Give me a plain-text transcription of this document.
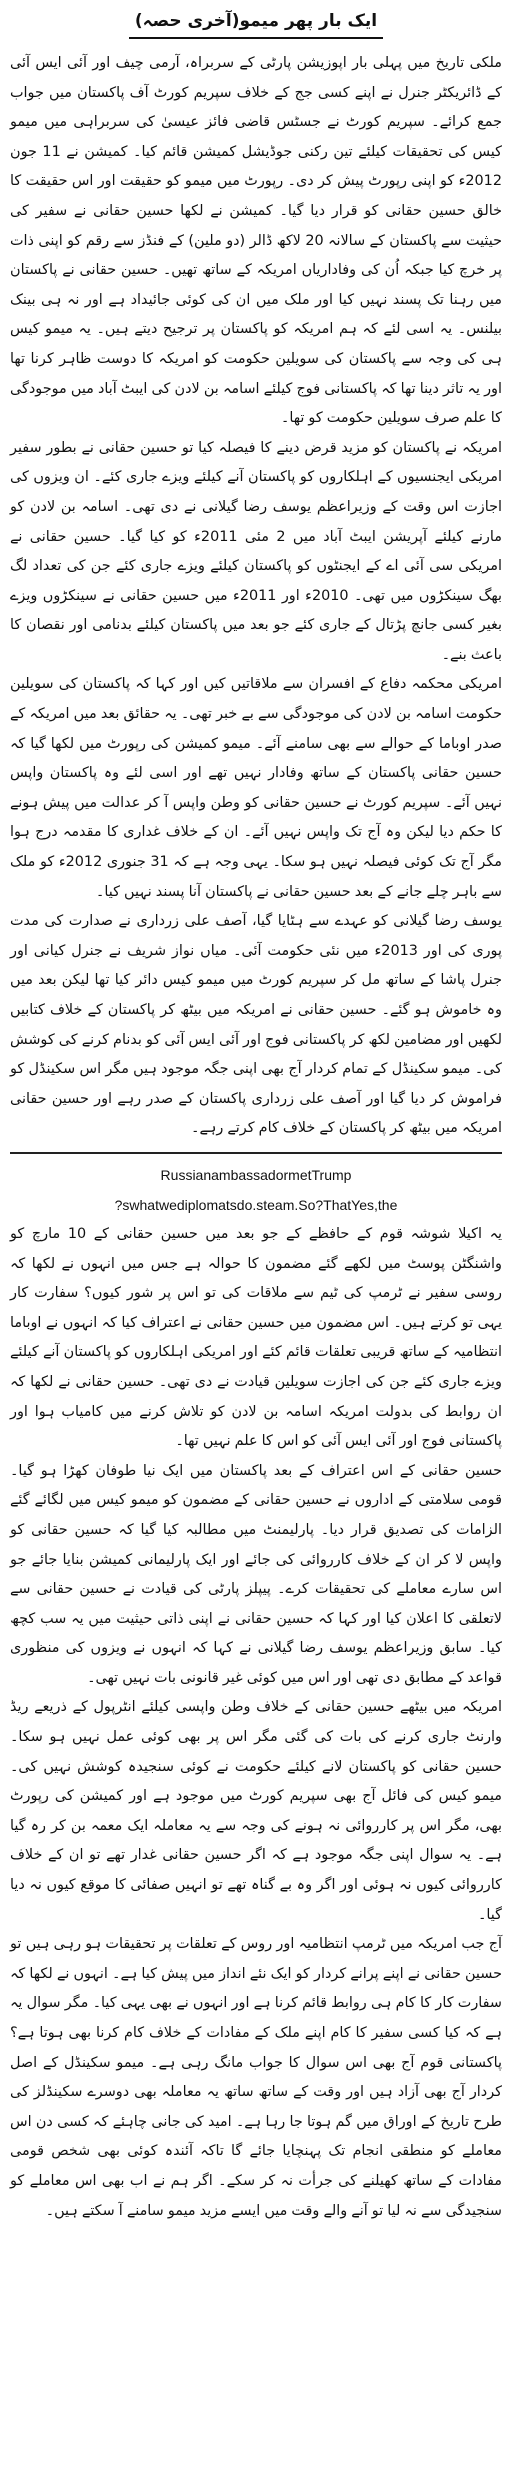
ایک بار پھر میمو(آخری حصہ)

ملکی تاریخ میں پہلی بار اپوزیشن پارٹی کے سربراہ، آرمی چیف اور آئی ایس آئی کے ڈائریکٹر جنرل نے اپنے کسی جج کے خلاف سپریم کورٹ آف پاکستان میں جواب جمع کرائے۔ سپریم کورٹ نے جسٹس قاضی فائز عیسیٰ کی سربراہی میں میمو کیس کی تحقیقات کیلئے تین رکنی جوڈیشل کمیشن قائم کیا۔ کمیشن نے 11 جون 2012ء کو اپنی رپورٹ پیش کر دی۔ رپورٹ میں میمو کو حقیقت اور اس حقیقت کا خالق حسین حقانی کو قرار دیا گیا۔ کمیشن نے لکھا حسین حقانی نے سفیر کی حیثیت سے پاکستان کے سالانہ 20 لاکھ ڈالر (دو ملین) کے فنڈز سے رقم کو اپنی ذات پر خرچ کیا جبکہ اُن کی وفاداریاں امریکہ کے ساتھ تھیں۔ حسین حقانی نے پاکستان میں رہنا تک پسند نہیں کیا اور ملک میں ان کی کوئی جائیداد ہے اور نہ ہی بینک بیلنس۔ یہ اسی لئے کہ ہم امریکہ کو پاکستان پر ترجیح دیتے ہیں۔ یہ میمو کیس ہی کی وجہ سے پاکستان کی سویلین حکومت کو امریکہ کا دوست ظاہر کرنا تھا اور یہ تاثر دینا تھا کہ پاکستانی فوج کیلئے اسامہ بن لادن کی ایبٹ آباد میں موجودگی کا علم صرف سویلین حکومت کو تھا۔

امریکہ نے پاکستان کو مزید قرض دینے کا فیصلہ کیا تو حسین حقانی نے بطور سفیر امریکی ایجنسیوں کے اہلکاروں کو پاکستان آنے کیلئے ویزے جاری کئے۔ ان ویزوں کی اجازت اس وقت کے وزیراعظم یوسف رضا گیلانی نے دی تھی۔ اسامہ بن لادن کو مارنے کیلئے آپریشن ایبٹ آباد میں 2 مئی 2011ء کو کیا گیا۔ حسین حقانی نے امریکی سی آئی اے کے ایجنٹوں کو پاکستان کیلئے ویزے جاری کئے جن کی تعداد لگ بھگ سینکڑوں میں تھی۔ 2010ء اور 2011ء میں حسین حقانی نے سینکڑوں ویزے بغیر کسی جانچ پڑتال کے جاری کئے جو بعد میں پاکستان کیلئے بدنامی اور نقصان کا باعث بنے۔

امریکی محکمہ دفاع کے افسران سے ملاقاتیں کیں اور کہا کہ پاکستان کی سویلین حکومت اسامہ بن لادن کی موجودگی سے بے خبر تھی۔ یہ حقائق بعد میں امریکہ کے صدر اوباما کے حوالے سے بھی سامنے آئے۔ میمو کمیشن کی رپورٹ میں لکھا گیا کہ حسین حقانی پاکستان کے ساتھ وفادار نہیں تھے اور اسی لئے وہ پاکستان واپس نہیں آئے۔ سپریم کورٹ نے حسین حقانی کو وطن واپس آ کر عدالت میں پیش ہونے کا حکم دیا لیکن وہ آج تک واپس نہیں آئے۔ ان کے خلاف غداری کا مقدمہ درج ہوا مگر آج تک کوئی فیصلہ نہیں ہو سکا۔ یہی وجہ ہے کہ 31 جنوری 2012ء کو ملک سے باہر چلے جانے کے بعد حسین حقانی نے پاکستان آنا پسند نہیں کیا۔

یوسف رضا گیلانی کو عہدے سے ہٹایا گیا، آصف علی زرداری نے صدارت کی مدت پوری کی اور 2013ء میں نئی حکومت آئی۔ میاں نواز شریف نے جنرل کیانی اور جنرل پاشا کے ساتھ مل کر سپریم کورٹ میں میمو کیس دائر کیا تھا لیکن بعد میں وہ خاموش ہو گئے۔ حسین حقانی نے امریکہ میں بیٹھ کر پاکستان کے خلاف کتابیں لکھیں اور مضامین لکھ کر پاکستانی فوج اور آئی ایس آئی کو بدنام کرنے کی کوشش کی۔ میمو سکینڈل کے تمام کردار آج بھی اپنی جگہ موجود ہیں مگر اس سکینڈل کو فراموش کر دیا گیا اور آصف علی زرداری پاکستان کے صدر رہے اور حسین حقانی امریکہ میں بیٹھ کر پاکستان کے خلاف کام کرتے رہے۔

RussianambassadormetTrump
?swhatwediplomatsdo.steam.So?ThatYes,the

یہ اکیلا شوشہ قوم کے حافظے کے جو بعد میں حسین حقانی کے 10 مارچ کو واشنگٹن پوسٹ میں لکھے گئے مضمون کا حوالہ ہے جس میں انہوں نے لکھا کہ روسی سفیر نے ٹرمپ کی ٹیم سے ملاقات کی تو اس پر شور کیوں؟ سفارت کار یہی تو کرتے ہیں۔ اس مضمون میں حسین حقانی نے اعتراف کیا کہ انہوں نے اوباما انتظامیہ کے ساتھ قریبی تعلقات قائم کئے اور امریکی اہلکاروں کو پاکستان آنے کیلئے ویزے جاری کئے جن کی اجازت سویلین قیادت نے دی تھی۔ حسین حقانی نے لکھا کہ ان روابط کی بدولت امریکہ اسامہ بن لادن کو تلاش کرنے میں کامیاب ہوا اور پاکستانی فوج اور آئی ایس آئی کو اس کا علم نہیں تھا۔

حسین حقانی کے اس اعتراف کے بعد پاکستان میں ایک نیا طوفان کھڑا ہو گیا۔ قومی سلامتی کے اداروں نے حسین حقانی کے مضمون کو میمو کیس میں لگائے گئے الزامات کی تصدیق قرار دیا۔ پارلیمنٹ میں مطالبہ کیا گیا کہ حسین حقانی کو واپس لا کر ان کے خلاف کارروائی کی جائے اور ایک پارلیمانی کمیشن بنایا جائے جو اس سارے معاملے کی تحقیقات کرے۔ پیپلز پارٹی کی قیادت نے حسین حقانی سے لاتعلقی کا اعلان کیا اور کہا کہ حسین حقانی نے اپنی ذاتی حیثیت میں یہ سب کچھ کیا۔ سابق وزیراعظم یوسف رضا گیلانی نے کہا کہ انہوں نے ویزوں کی منظوری قواعد کے مطابق دی تھی اور اس میں کوئی غیر قانونی بات نہیں تھی۔

امریکہ میں بیٹھے حسین حقانی کے خلاف وطن واپسی کیلئے انٹرپول کے ذریعے ریڈ وارنٹ جاری کرنے کی بات کی گئی مگر اس پر بھی کوئی عمل نہیں ہو سکا۔ حسین حقانی کو پاکستان لانے کیلئے حکومت نے کوئی سنجیدہ کوشش نہیں کی۔ میمو کیس کی فائل آج بھی سپریم کورٹ میں موجود ہے اور کمیشن کی رپورٹ بھی، مگر اس پر کارروائی نہ ہونے کی وجہ سے یہ معاملہ ایک معمہ بن کر رہ گیا ہے۔ یہ سوال اپنی جگہ موجود ہے کہ اگر حسین حقانی غدار تھے تو ان کے خلاف کارروائی کیوں نہ ہوئی اور اگر وہ بے گناہ تھے تو انہیں صفائی کا موقع کیوں نہ دیا گیا۔

آج جب امریکہ میں ٹرمپ انتظامیہ اور روس کے تعلقات پر تحقیقات ہو رہی ہیں تو حسین حقانی نے اپنے پرانے کردار کو ایک نئے انداز میں پیش کیا ہے۔ انہوں نے لکھا کہ سفارت کار کا کام ہی روابط قائم کرنا ہے اور انہوں نے بھی یہی کیا۔ مگر سوال یہ ہے کہ کیا کسی سفیر کا کام اپنے ملک کے مفادات کے خلاف کام کرنا بھی ہوتا ہے؟ پاکستانی قوم آج بھی اس سوال کا جواب مانگ رہی ہے۔ میمو سکینڈل کے اصل کردار آج بھی آزاد ہیں اور وقت کے ساتھ ساتھ یہ معاملہ بھی دوسرے سکینڈلز کی طرح تاریخ کے اوراق میں گم ہوتا جا رہا ہے۔ امید کی جانی چاہئے کہ کسی دن اس معاملے کو منطقی انجام تک پہنچایا جائے گا تاکہ آئندہ کوئی بھی شخص قومی مفادات کے ساتھ کھیلنے کی جرأت نہ کر سکے۔ اگر ہم نے اب بھی اس معاملے کو سنجیدگی سے نہ لیا تو آنے والے وقت میں ایسے مزید میمو سامنے آ سکتے ہیں۔
